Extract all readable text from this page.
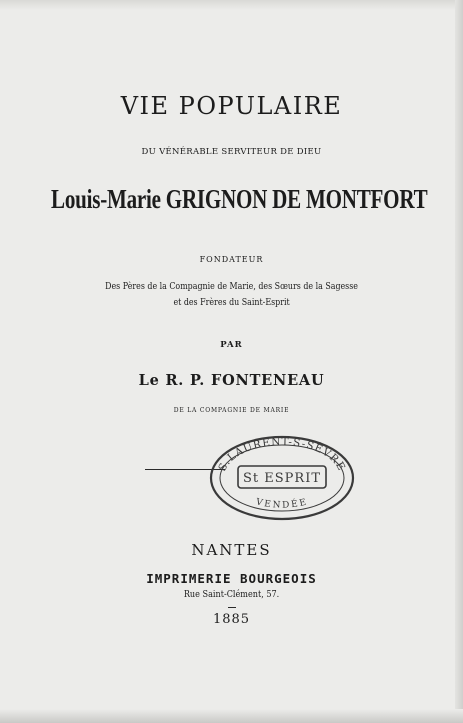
VIE POPULAIRE
DU VÉNÉRABLE SERVITEUR DE DIEU
Louis-Marie GRIGNON DE MONTFORT
FONDATEUR
Des Pères de la Compagnie de Marie, des Sœurs de la Sagesse
et des Frères du Saint-Esprit
PAR
Le R. P. FONTENEAU
DE LA COMPAGNIE DE MARIE
S.LAURENT-S-SÈVRE
St ESPRIT
VENDÉE
NANTES
IMPRIMERIE BOURGEOIS
Rue Saint-Clément, 57.
1885
